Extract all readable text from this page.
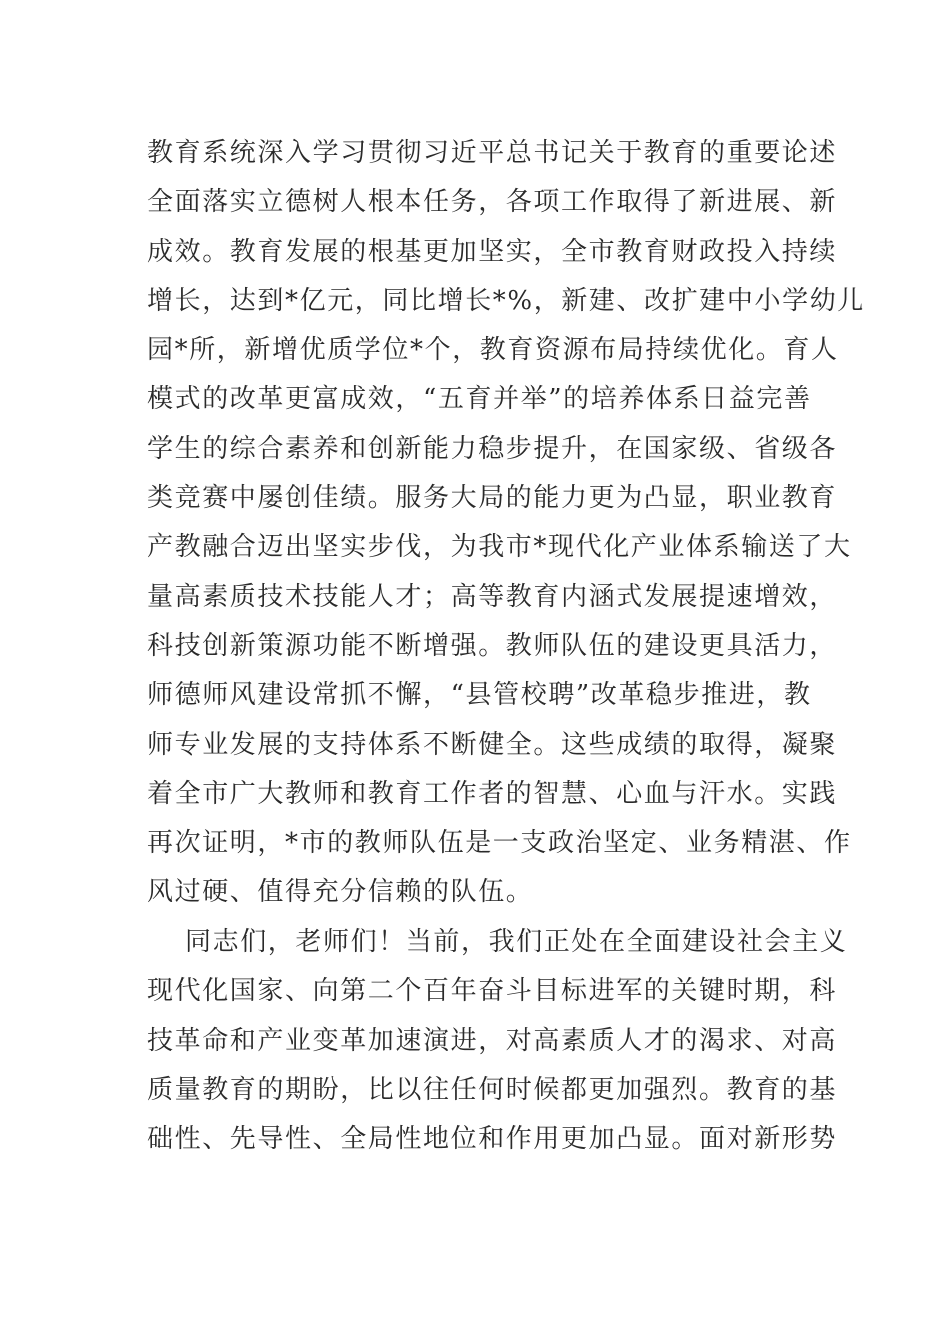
教育系统深入学习贯彻习近平总书记关于教育的重要论述
全面落实立德树人根本任务，各项工作取得了新进展、新
成效。教育发展的根基更加坚实，全市教育财政投入持续
增长，达到*亿元，同比增长*%，新建、改扩建中小学幼儿
园*所，新增优质学位*个，教育资源布局持续优化。育人
模式的改革更富成效，“五育并举”的培养体系日益完善
学生的综合素养和创新能力稳步提升，在国家级、省级各
类竞赛中屡创佳绩。服务大局的能力更为凸显，职业教育
产教融合迈出坚实步伐，为我市*现代化产业体系输送了大
量高素质技术技能人才；高等教育内涵式发展提速增效，
科技创新策源功能不断增强。教师队伍的建设更具活力，
师德师风建设常抓不懈，“县管校聘”改革稳步推进，教
师专业发展的支持体系不断健全。这些成绩的取得，凝聚
着全市广大教师和教育工作者的智慧、心血与汗水。实践
再次证明，*市的教师队伍是一支政治坚定、业务精湛、作
风过硬、值得充分信赖的队伍。
同志们，老师们！当前，我们正处在全面建设社会主义
现代化国家、向第二个百年奋斗目标进军的关键时期，科
技革命和产业变革加速演进，对高素质人才的渴求、对高
质量教育的期盼，比以往任何时候都更加强烈。教育的基
础性、先导性、全局性地位和作用更加凸显。面对新形势
